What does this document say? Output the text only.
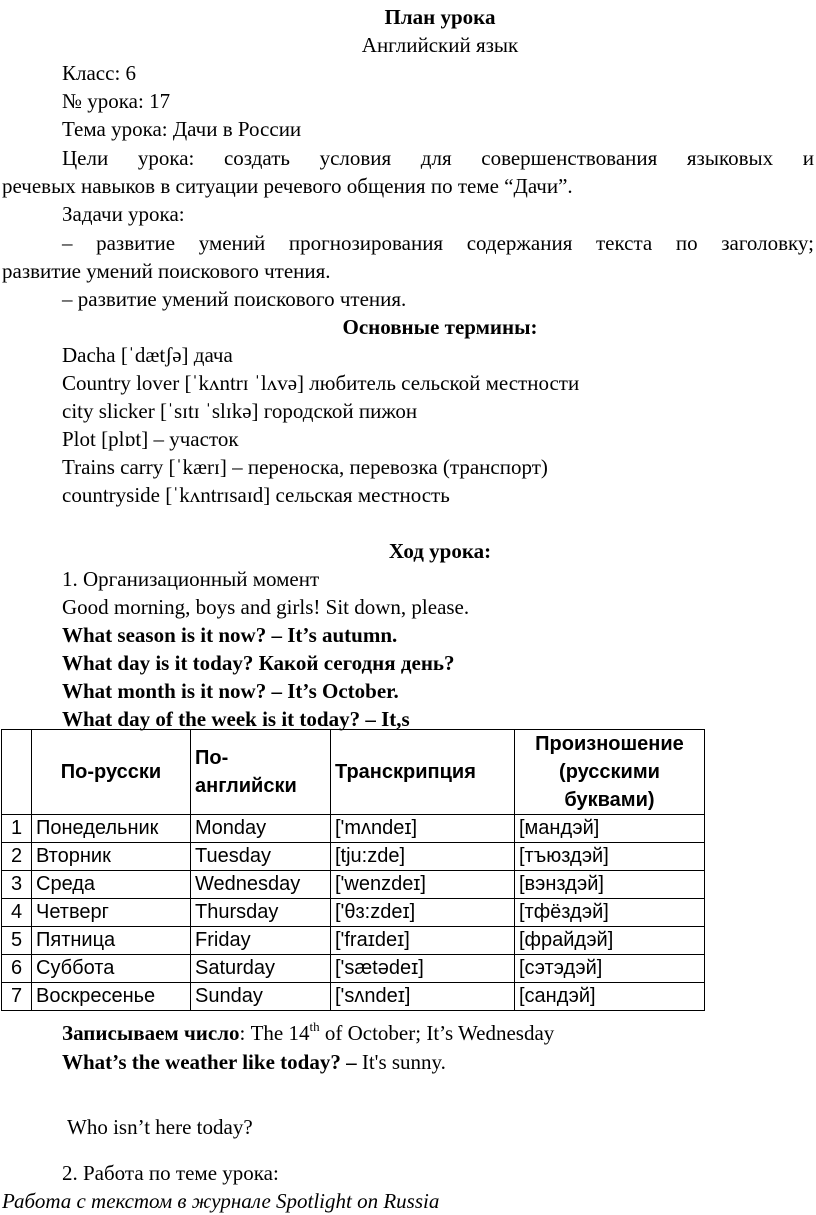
План урока
Английский язык
Класс: 6
№ урока: 17
Тема урока: Дачи в России
Цели урока: создать условия для совершенствования языковых и
речевых навыков в ситуации речевого общения по теме “Дачи”.
Задачи урока:
– развитие умений прогнозирования содержания текста по заголовку;
развитие умений поискового чтения.
– развитие умений поискового чтения.
Основные термины:
Dacha [ˈdætʃə] дача
Country lover [ˈkʌntrɪ ˈlʌvə] любитель сельской местности
city slicker [ˈsɪtɪ ˈslɪkə] городской пижон
Plot [plɒt] – участок
Trains carry [ˈkærɪ] – переноска, перевозка (транспорт)
countryside [ˈkʌntrɪsaɪd] сельская местность
Ход урока:
1. Организационный момент
Good morning, boys and girls! Sit down, please.
What season is it now? – It’s autumn.
What day is it today? Какой сегодня день?
What month is it now? – It’s October.
What day of the week is it today? – It,s
	По-русски	По-
английски	Транскрипция	Произношение
(русскими
буквами)
1	Понедельник	Monday	['mʌndeɪ]	[мандэй]
2	Вторник	Tuesday	[tju:zde]	[тъюздэй]
3	Среда	Wednesday	['wenzdeɪ]	[вэнздэй]
4	Четверг	Thursday	['θɜ:zdeɪ]	[тфёздэй]
5	Пятница	Friday	['fraɪdeɪ]	[фрайдэй]
6	Суббота	Saturday	['sætədeɪ]	[сэтэдэй]
7	Воскресенье	Sunday	['sʌndeɪ]	[сандэй]
Записываем число: The 14th of October; It’s Wednesday
What’s the weather like today? – It's sunny.
Who isn’t here today?
2. Работа по теме урока:
Работа с текстом в журнале Spotlight on Russia
